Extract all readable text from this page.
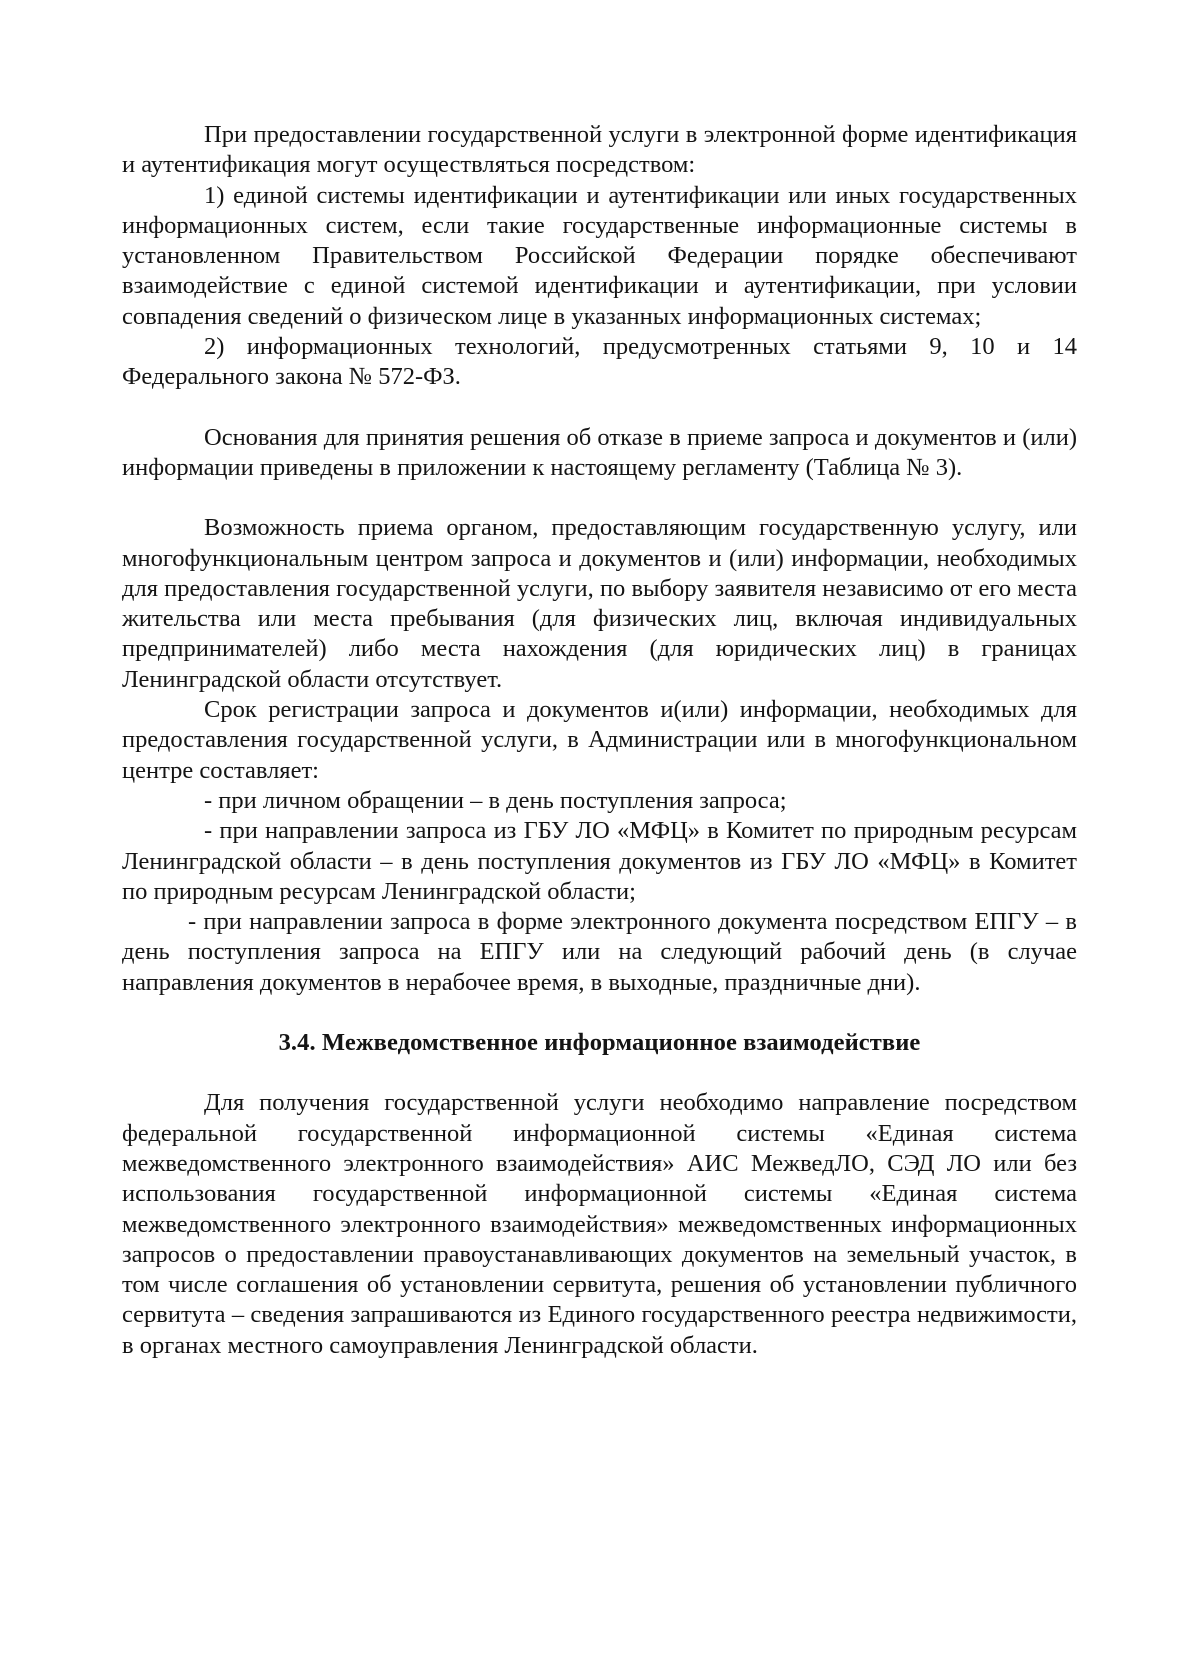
При предоставлении государственной услуги в электронной форме идентификация и аутентификация могут осуществляться посредством:

1) единой системы идентификации и аутентификации или иных государственных информационных систем, если такие государственные информационные системы в установленном Правительством Российской Федерации порядке обеспечивают взаимодействие с единой системой идентификации и аутентификации, при условии совпадения сведений о физическом лице в указанных информационных системах;

2) информационных технологий, предусмотренных статьями 9, 10 и 14 Федерального закона № 572-ФЗ.

Основания для принятия решения об отказе в приеме запроса и документов и (или) информации приведены в приложении к настоящему регламенту (Таблица № 3).

Возможность приема органом, предоставляющим государственную услугу, или многофункциональным центром запроса и документов и (или) информации, необходимых для предоставления государственной услуги, по выбору заявителя независимо от его места жительства или места пребывания (для физических лиц, включая индивидуальных предпринимателей) либо места нахождения (для юридических лиц) в границах Ленинградской области отсутствует.

Срок регистрации запроса и документов и(или) информации, необходимых для предоставления государственной услуги, в Администрации или в многофункциональном центре составляет:

- при личном обращении – в день поступления запроса;

- при направлении запроса из ГБУ ЛО «МФЦ» в Комитет по природным ресурсам Ленинградской области – в день поступления документов из ГБУ ЛО «МФЦ» в Комитет по природным ресурсам Ленинградской области;

- при направлении запроса в форме электронного документа посредством ЕПГУ – в день поступления запроса на ЕПГУ или на следующий рабочий день (в случае направления документов в нерабочее время, в выходные, праздничные дни).

3.4. Межведомственное информационное взаимодействие

Для получения государственной услуги необходимо направление посредством федеральной государственной информационной системы «Единая система межведомственного электронного взаимодействия» АИС МежведЛО, СЭД ЛО или без использования государственной информационной системы «Единая система межведомственного электронного взаимодействия» межведомственных информационных запросов о предоставлении правоустанавливающих документов на земельный участок, в том числе соглашения об установлении сервитута, решения об установлении публичного сервитута – сведения запрашиваются из Единого государственного реестра недвижимости, в органах местного самоуправления Ленинградской области.
